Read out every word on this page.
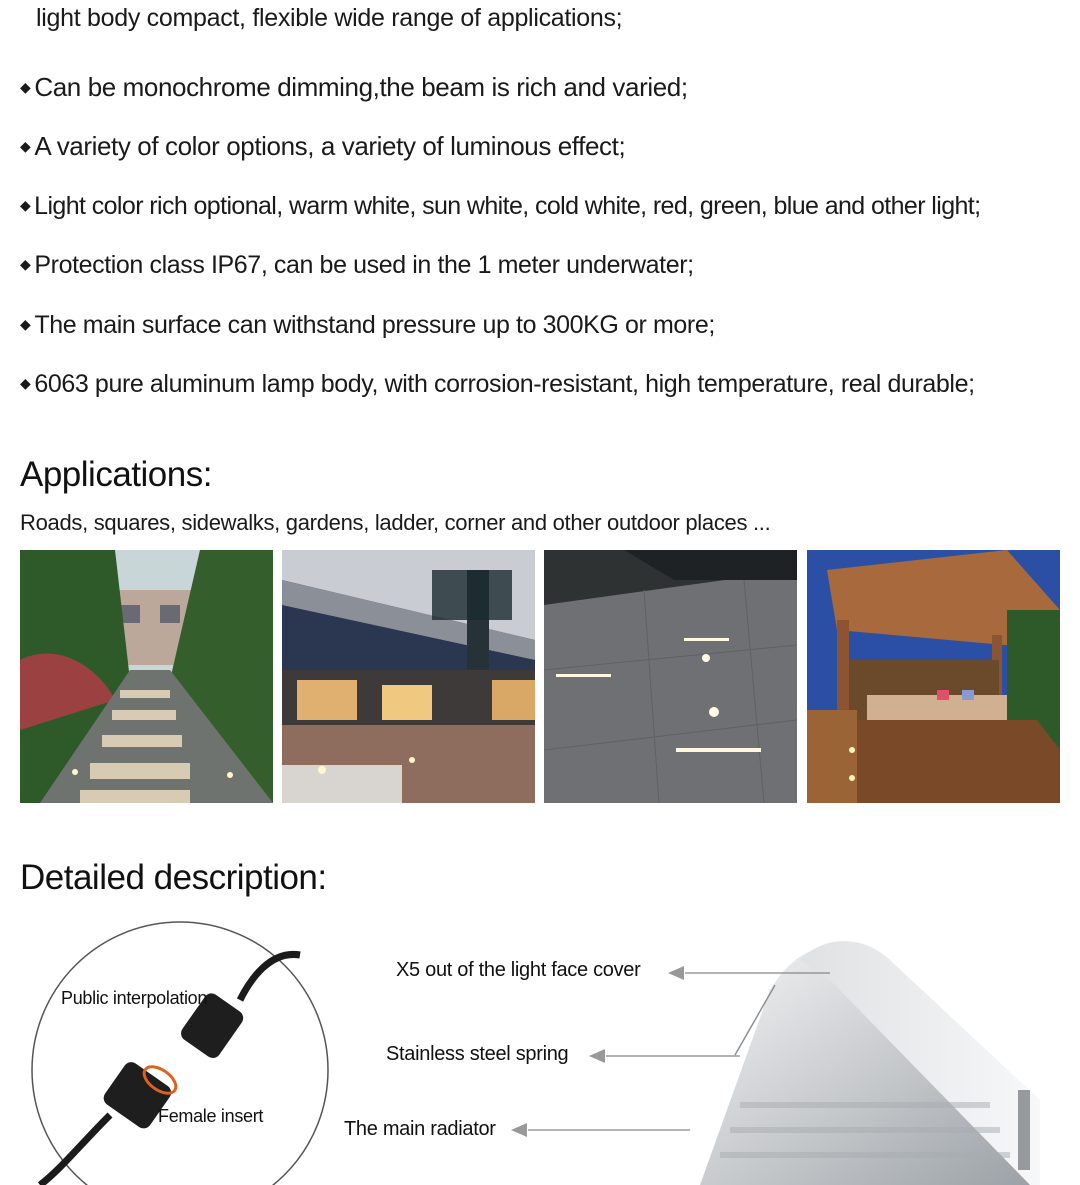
light body compact, flexible wide range of applications;
◆ Can be monochrome dimming,the beam is rich and varied;
◆ A variety of color options, a variety of luminous effect;
◆ Light color rich optional, warm white, sun white, cold white, red, green, blue and other light;
◆ Protection class IP67, can be used in the 1 meter underwater;
◆ The main surface can withstand pressure up to 300KG or more;
◆ 6063 pure aluminum lamp body, with corrosion-resistant, high temperature, real durable;
Applications:
Roads, squares, sidewalks, gardens, ladder, corner and other outdoor places ...
Detailed description:
Public interpolation
Female insert
X5 out of the light face cover
Stainless steel spring
The main radiator
